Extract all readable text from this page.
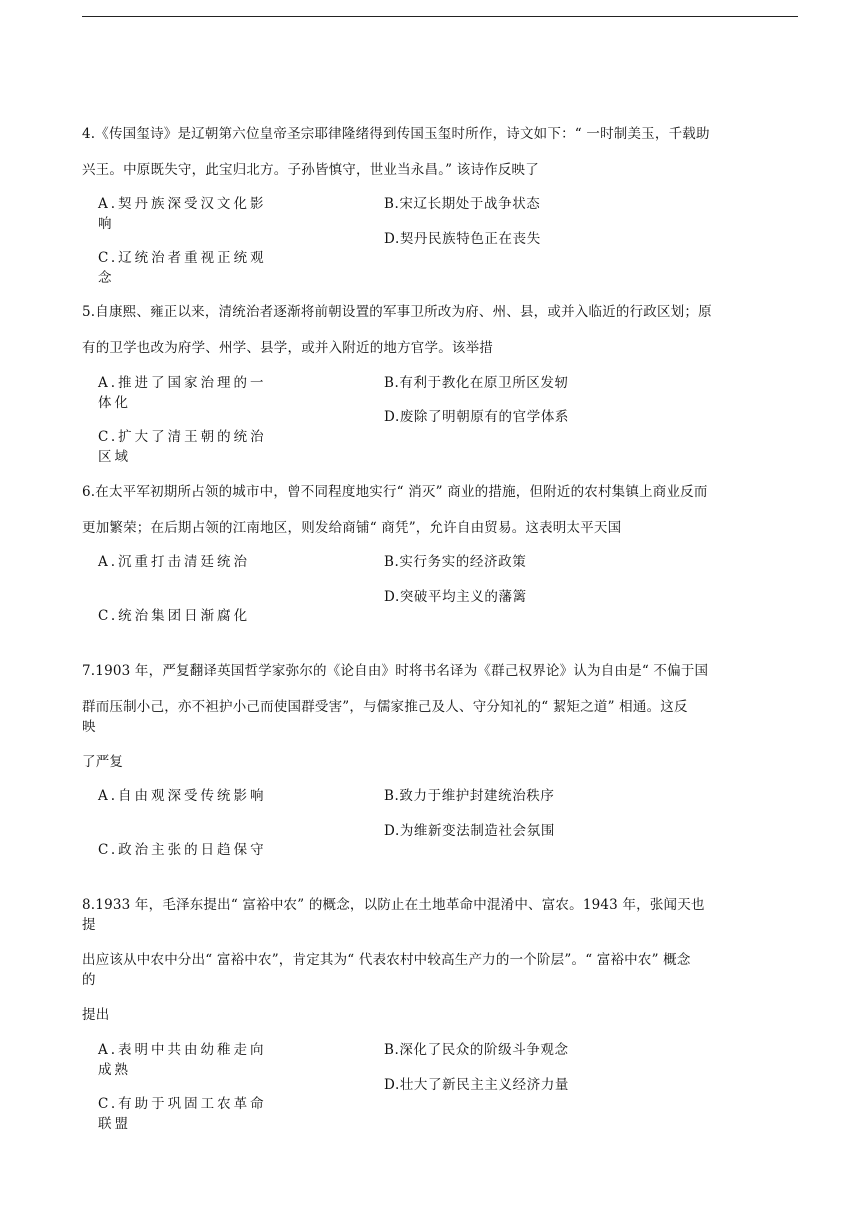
4.《传国玺诗》是辽朝第六位皇帝圣宗耶律隆绪得到传国玉玺时所作，诗文如下：“ 一时制美玉，千载助

兴王。中原既失守，此宝归北方。子孙皆慎守，世业当永昌。” 该诗作反映了

A.契丹族深受汉文化影响
B.宋辽长期处于战争状态
C.辽统治者重视正统观念
D.契丹民族特色正在丧失

5.自康熙、雍正以来，清统治者逐渐将前朝设置的军事卫所改为府、州、县，或并入临近的行政区划；原

有的卫学也改为府学、州学、县学，或并入附近的地方官学。该举措

A.推进了国家治理的一体化
B.有利于教化在原卫所区发轫
C.扩大了清王朝的统治区域
D.废除了明朝原有的官学体系

6.在太平军初期所占领的城市中，曾不同程度地实行“ 消灭” 商业的措施，但附近的农村集镇上商业反而

更加繁荣；在后期占领的江南地区，则发给商铺“ 商凭”，允许自由贸易。这表明太平天国

A.沉重打击清廷统治	B.实行务实的经济政策
C.统治集团日渐腐化
D.突破平均主义的藩篱

7.1903 年，严复翻译英国哲学家弥尔的《论自由》时将书名译为《群己权界论》认为自由是“ 不偏于国

群而压制小己，亦不袒护小己而使国群受害”，与儒家推己及人、守分知礼的“ 絜矩之道” 相通。这反

映

了严复

A.自由观深受传统影响	B.致力于维护封建统治秩序
C.政治主张的日趋保守
D.为维新变法制造社会氛围

8.1933 年，毛泽东提出“ 富裕中农” 的概念，以防止在土地革命中混淆中、富农。1943 年，张闻天也

提

出应该从中农中分出“ 富裕中农”，肯定其为“ 代表农村中较高生产力的一个阶层”。“ 富裕中农” 概念

的

提出

A.表明中共由幼稚走向成熟
B.深化了民众的阶级斗争观念
C.有助于巩固工农革命联盟
D.壮大了新民主主义经济力量
